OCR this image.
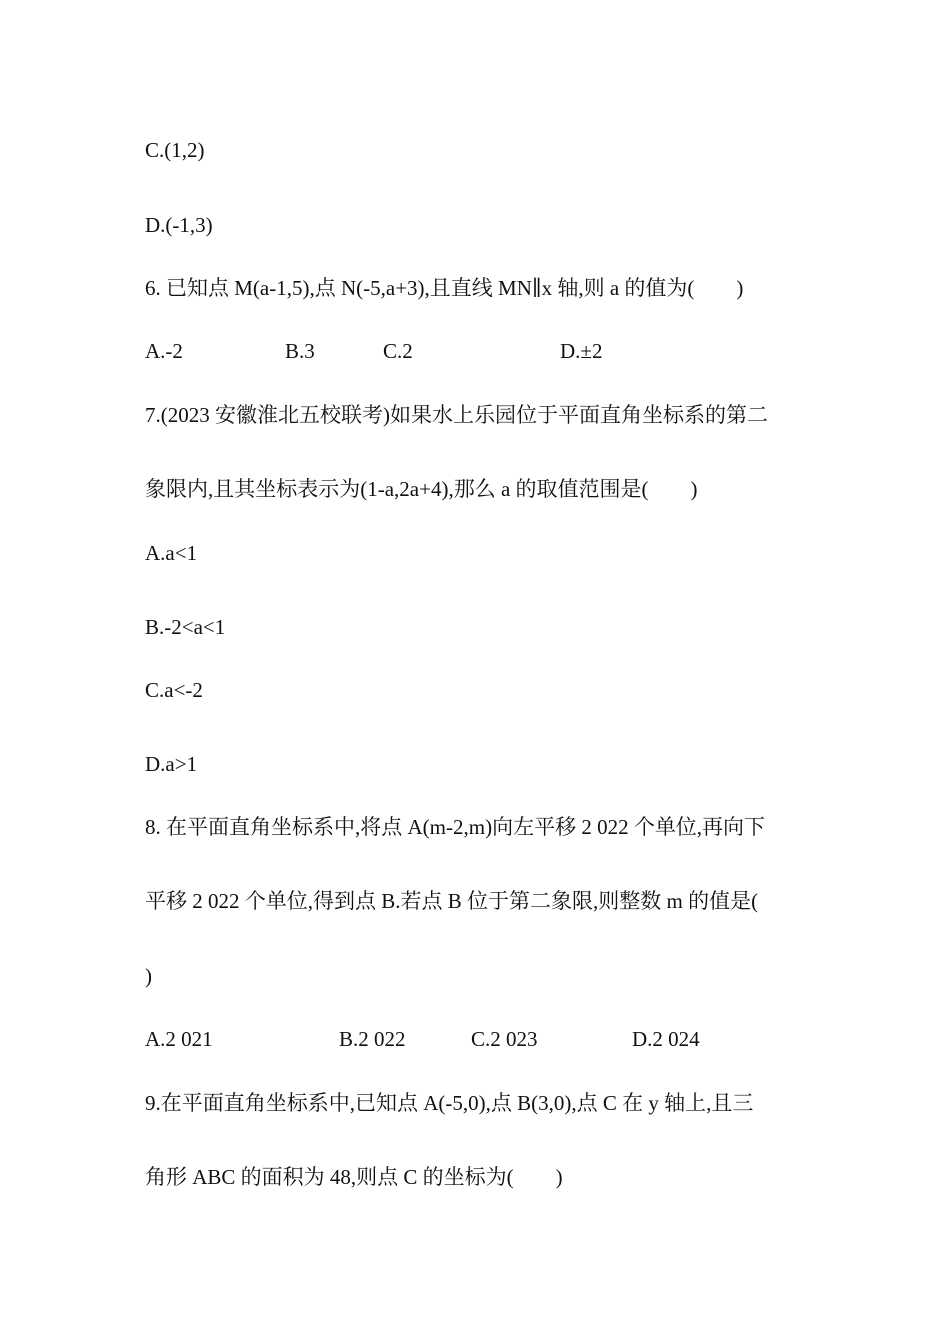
C.(1,2)
D.(-1,3)
6. 已知点 M(a-1,5),点 N(-5,a+3),且直线 MN∥x 轴,则 a 的值为(　　)
A.-2	B.3	C.2	D.±2
7.(2023 安徽淮北五校联考)如果水上乐园位于平面直角坐标系的第二
象限内,且其坐标表示为(1-a,2a+4),那么 a 的取值范围是(　　)
A.a<1
B.-2<a<1
C.a<-2
D.a>1
8. 在平面直角坐标系中,将点 A(m-2,m)向左平移 2 022 个单位,再向下
平移 2 022 个单位,得到点 B.若点 B 位于第二象限,则整数 m 的值是(
)
A.2 021	B.2 022	C.2 023	D.2 024
9.在平面直角坐标系中,已知点 A(-5,0),点 B(3,0),点 C 在 y 轴上,且三
角形 ABC 的面积为 48,则点 C 的坐标为(　　)
